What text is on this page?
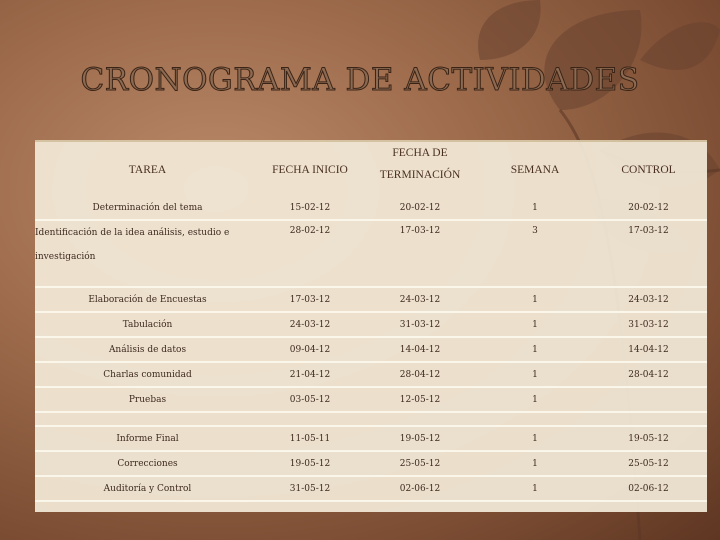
CRONOGRAMA DE ACTIVIDADES
TAREA	FECHA INICIO	FECHA DE TERMINACIÓN	SEMANA	CONTROL

Determinación del tema	15-02-12	20-02-12	1	20-02-12
Identificación de la idea análisis, estudio e investigación	28-02-12	17-03-12	3	17-03-12
Elaboración de Encuestas	17-03-12	24-03-12	1	24-03-12
Tabulación	24-03-12	31-03-12	1	31-03-12
Análisis de datos	09-04-12	14-04-12	1	14-04-12
Charlas comunidad	21-04-12	28-04-12	1	28-04-12
Pruebas	03-05-12	12-05-12	1	

Informe Final	11-05-11	19-05-12	1	19-05-12
Correcciones	19-05-12	25-05-12	1	25-05-12
Auditoría y Control	31-05-12	02-06-12	1	02-06-12
